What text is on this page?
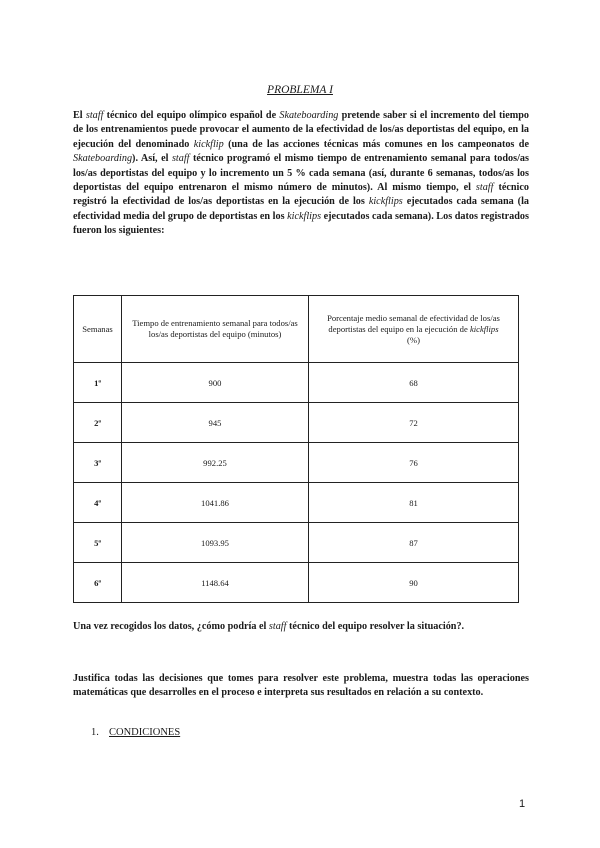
PROBLEMA I

El staff técnico del equipo olímpico español de Skateboarding pretende saber si el incremento del tiempo de los entrenamientos puede provocar el aumento de la efectividad de los/as deportistas del equipo, en la ejecución del denominado kickflip (una de las acciones técnicas más comunes en los campeonatos de Skateboarding). Así, el staff técnico programó el mismo tiempo de entrenamiento semanal para todos/as los/as deportistas del equipo y lo incremento un 5 % cada semana (así, durante 6 semanas, todos/as los deportistas del equipo entrenaron el mismo número de minutos). Al mismo tiempo, el staff técnico registró la efectividad de los/as deportistas en la ejecución de los kickflips ejecutados cada semana (la efectividad media del grupo de deportistas en los kickflips ejecutados cada semana). Los datos registrados fueron los siguientes:

Semanas	Tiempo de entrenamiento semanal para todos/as los/as deportistas del equipo (minutos)	Porcentaje medio semanal de efectividad de los/as deportistas del equipo en la ejecución de kickflips
(%)
1ª	900	68
2ª	945	72
3ª	992.25	76
4ª	1041.86	81
5ª	1093.95	87
6ª	1148.64	90
Una vez recogidos los datos, ¿cómo podría el staff técnico del equipo resolver la situación?.

Justifica todas las decisiones que tomes para resolver este problema, muestra todas las operaciones matemáticas que desarrolles en el proceso e interpreta sus resultados en relación a su contexto.

1. CONDICIONES
1
